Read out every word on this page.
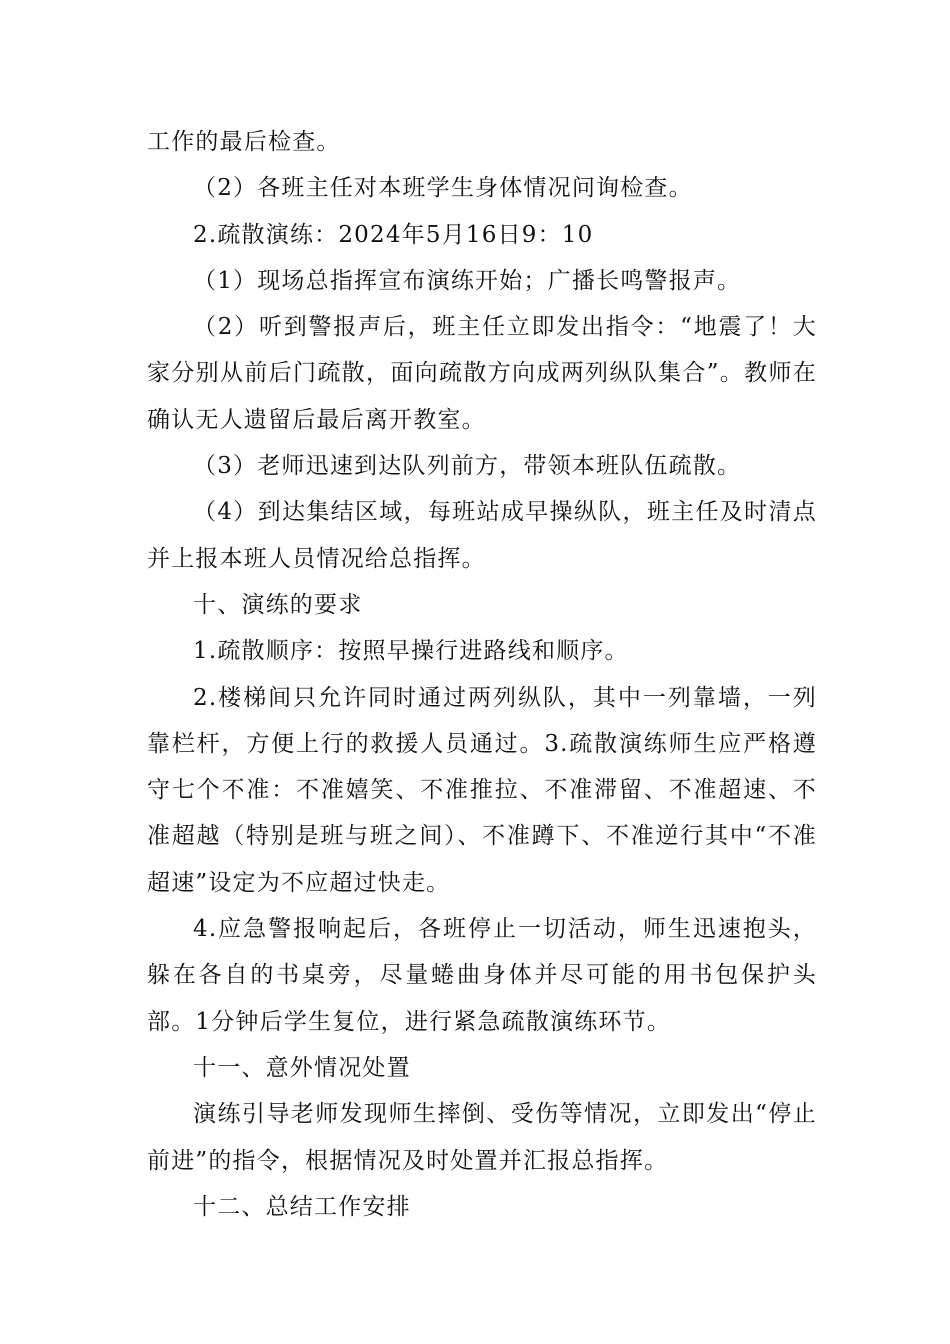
工作的最后检查。

（2）各班主任对本班学生身体情况问询检查。

2.疏散演练：2024年5月16日9：10

（1）现场总指挥宣布演练开始；广播长鸣警报声。

（2）听到警报声后，班主任立即发出指令：“地震了！大家分别从前后门疏散，面向疏散方向成两列纵队集合”。教师在确认无人遗留后最后离开教室。

（3）老师迅速到达队列前方，带领本班队伍疏散。

（4）到达集结区域，每班站成早操纵队，班主任及时清点并上报本班人员情况给总指挥。

十、演练的要求

1.疏散顺序：按照早操行进路线和顺序。

2.楼梯间只允许同时通过两列纵队，其中一列靠墙，一列靠栏杆，方便上行的救援人员通过。3.疏散演练师生应严格遵守七个不准：不准嬉笑、不准推拉、不准滞留、不准超速、不准超越（特别是班与班之间）、不准蹲下、不准逆行其中“不准超速”设定为不应超过快走。

4.应急警报响起后，各班停止一切活动，师生迅速抱头，躲在各自的书桌旁，尽量蜷曲身体并尽可能的用书包保护头部。1分钟后学生复位，进行紧急疏散演练环节。

十一、意外情况处置

演练引导老师发现师生摔倒、受伤等情况，立即发出“停止前进”的指令，根据情况及时处置并汇报总指挥。

十二、总结工作安排
